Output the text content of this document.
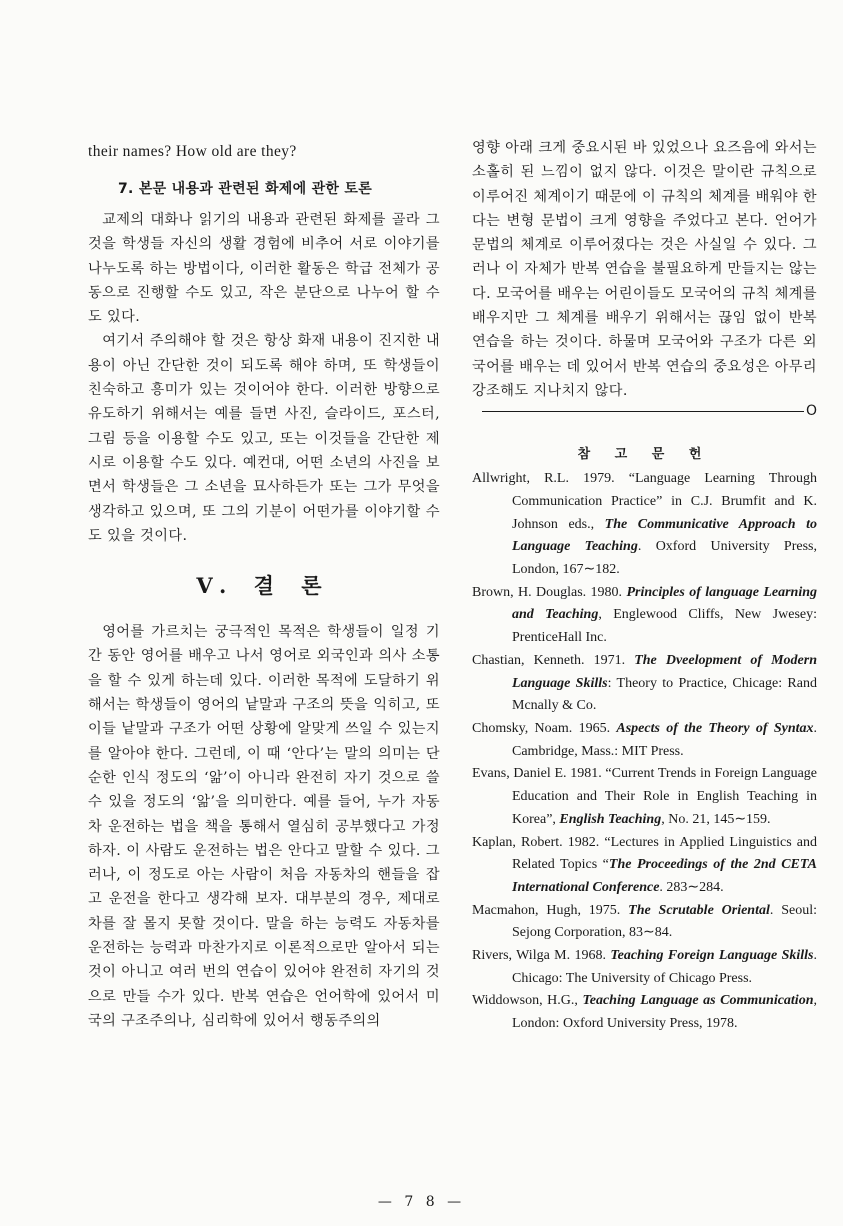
their names? How old are they?

7. 본문 내용과 관련된 화제에 관한 토론

교제의 대화나 읽기의 내용과 관련된 화제를 골라 그것을 학생들 자신의 생활 경험에 비추어 서로 이야기를 나누도록 하는 방법이다, 이러한 활동은 학급 전체가 공동으로 진행할 수도 있고, 작은 분단으로 나누어 할 수도 있다.

여기서 주의해야 할 것은 항상 화재 내용이 진지한 내용이 아닌 간단한 것이 되도록 해야 하며, 또 학생들이 친숙하고 흥미가 있는 것이어야 한다. 이러한 방향으로 유도하기 위해서는 예를 들면 사진, 슬라이드, 포스터, 그림 등을 이용할 수도 있고, 또는 이것들을 간단한 제시로 이용할 수도 있다. 예컨대, 어떤 소년의 사진을 보면서 학생들은 그 소년을 묘사하든가 또는 그가 무엇을 생각하고 있으며, 또 그의 기분이 어떤가를 이야기할 수도 있을 것이다.

V. 결 론

영어를 가르치는 궁극적인 목적은 학생들이 일정 기간 동안 영어를 배우고 나서 영어로 외국인과 의사 소통을 할 수 있게 하는데 있다. 이러한 목적에 도달하기 위해서는 학생들이 영어의 낱말과 구조의 뜻을 익히고, 또 이들 낱말과 구조가 어떤 상황에 알맞게 쓰일 수 있는지를 알아야 한다. 그런데, 이 때 ‘안다’는 말의 의미는 단순한 인식 정도의 ‘앎’이 아니라 완전히 자기 것으로 쓸 수 있을 정도의 ‘앎’을 의미한다. 예를 들어, 누가 자동차 운전하는 법을 책을 통해서 열심히 공부했다고 가정하자. 이 사람도 운전하는 법은 안다고 말할 수 있다. 그러나, 이 정도로 아는 사람이 처음 자동차의 핸들을 잡고 운전을 한다고 생각해 보자. 대부분의 경우, 제대로 차를 잘 몰지 못할 것이다. 말을 하는 능력도 자동차를 운전하는 능력과 마찬가지로 이론적으로만 알아서 되는 것이 아니고 여러 번의 연습이 있어야 완전히 자기의 것으로 만들 수가 있다. 반복 연습은 언어학에 있어서 미국의 구조주의나, 심리학에 있어서 행동주의의

영향 아래 크게 중요시된 바 있었으나 요즈음에 와서는 소홀히 된 느낌이 없지 않다. 이것은 말이란 규칙으로 이루어진 체계이기 때문에 이 규칙의 체계를 배워야 한다는 변형 문법이 크게 영향을 주었다고 본다. 언어가 문법의 체계로 이루어졌다는 것은 사실일 수 있다. 그러나 이 자체가 반복 연습을 불필요하게 만들지는 않는다. 모국어를 배우는 어린이들도 모국어의 규칙 체계를 배우지만 그 체계를 배우기 위해서는 끊임 없이 반복 연습을 하는 것이다. 하물며 모국어와 구조가 다른 외국어를 배우는 데 있어서 반복 연습의 중요성은 아무리 강조해도 지나치지 않다.

O
참 고 문 헌
Allwright, R.L. 1979. “Language Learning Through Communication Practice” in C.J. Brumfit and K. Johnson eds., The Communicative Approach to Language Teaching. Oxford University Press, London, 167∼182.
Brown, H. Douglas. 1980. Principles of language Learning and Teaching, Englewood Cliffs, New Jwesey: PrenticeHall Inc.
Chastian, Kenneth. 1971. The Dveelopment of Modern Language Skills: Theory to Practice, Chicage: Rand Mcnally & Co.
Chomsky, Noam. 1965. Aspects of the Theory of Syntax. Cambridge, Mass.: MIT Press.
Evans, Daniel E. 1981. “Current Trends in Foreign Language Education and Their Role in English Teaching in Korea”, English Teaching, No. 21, 145∼159.
Kaplan, Robert. 1982. “Lectures in Applied Linguistics and Related Topics “The Proceedings of the 2nd CETA International Conference. 283∼284.
Macmahon, Hugh, 1975. The Scrutable Oriental. Seoul: Sejong Corporation, 83∼84.
Rivers, Wilga M. 1968. Teaching Foreign Language Skills. Chicago: The University of Chicago Press.
Widdowson, H.G., Teaching Language as Communication, London: Oxford University Press, 1978.
— 7 8 —
